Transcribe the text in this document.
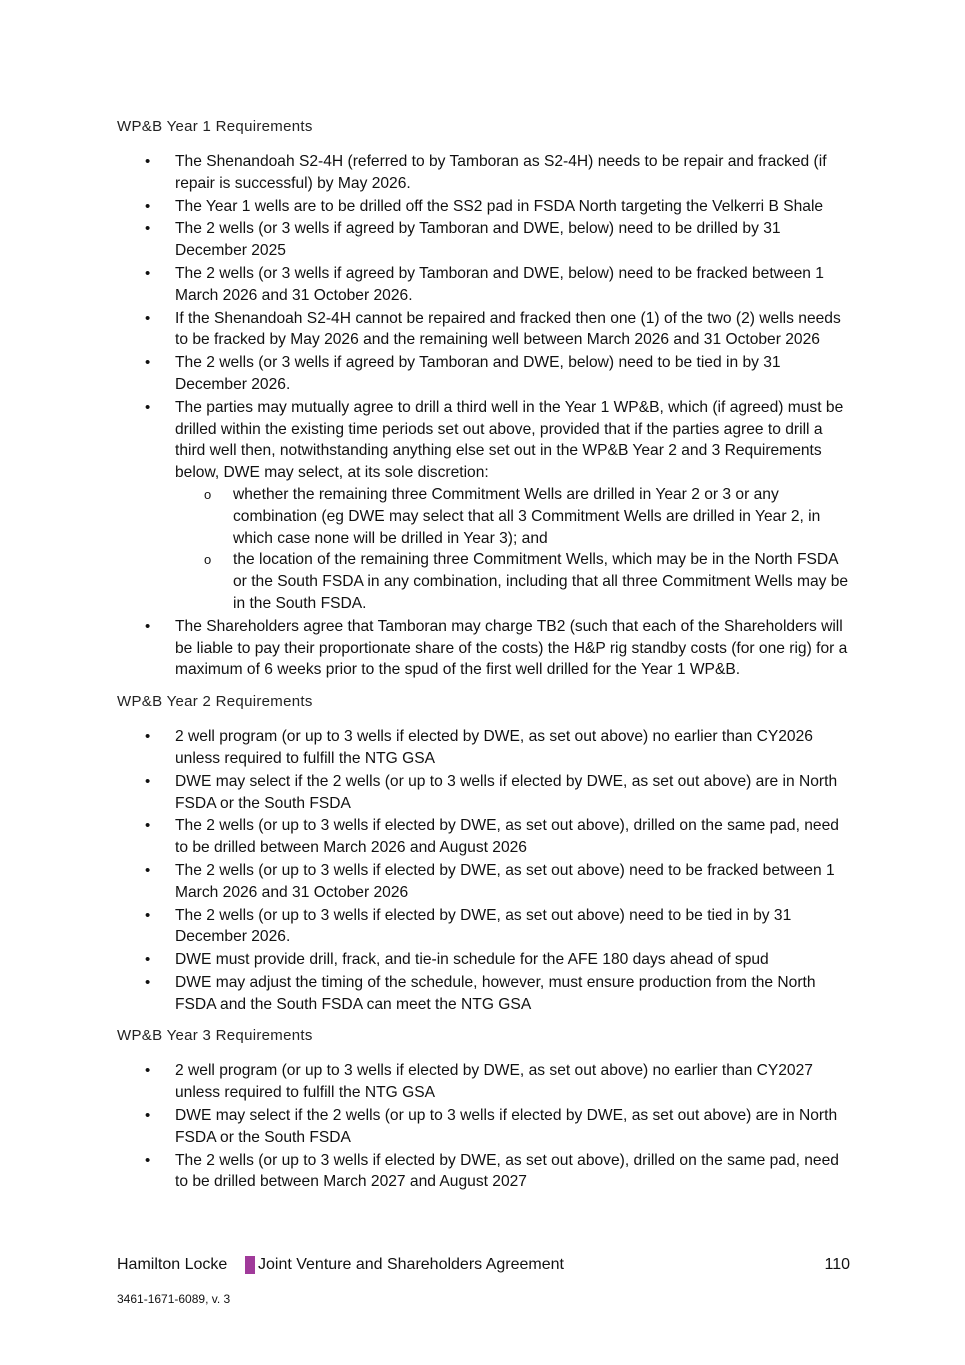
WP&B Year 1 Requirements
• The Shenandoah S2-4H (referred to by Tamboran as S2-4H) needs to be repair and fracked (if repair is successful) by May 2026.
• The Year 1 wells are to be drilled off the SS2 pad in FSDA North targeting the Velkerri B Shale
• The 2 wells (or 3 wells if agreed by Tamboran and DWE, below) need to be drilled by 31 December 2025
• The 2 wells (or 3 wells if agreed by Tamboran and DWE, below) need to be fracked between 1 March 2026 and 31 October 2026.
• If the Shenandoah S2-4H cannot be repaired and fracked then one (1) of the two (2) wells needs to be fracked by May 2026 and the remaining well between March 2026 and 31 October 2026
• The 2 wells (or 3 wells if agreed by Tamboran and DWE, below) need to be tied in by 31 December 2026.
• The parties may mutually agree to drill a third well in the Year 1 WP&B, which (if agreed) must be drilled within the existing time periods set out above, provided that if the parties agree to drill a third well then, notwithstanding anything else set out in the WP&B Year 2 and 3 Requirements below, DWE may select, at its sole discretion:
o whether the remaining three Commitment Wells are drilled in Year 2 or 3 or any combination (eg DWE may select that all 3 Commitment Wells are drilled in Year 2, in which case none will be drilled in Year 3); and
o the location of the remaining three Commitment Wells, which may be in the North FSDA or the South FSDA in any combination, including that all three Commitment Wells may be in the South FSDA.
• The Shareholders agree that Tamboran may charge TB2 (such that each of the Shareholders will be liable to pay their proportionate share of the costs) the H&P rig standby costs (for one rig) for a maximum of 6 weeks prior to the spud of the first well drilled for the Year 1 WP&B.
WP&B Year 2 Requirements
• 2 well program (or up to 3 wells if elected by DWE, as set out above) no earlier than CY2026 unless required to fulfill the NTG GSA
• DWE may select if the 2 wells (or up to 3 wells if elected by DWE, as set out above) are in North FSDA or the South FSDA
• The 2 wells (or up to 3 wells if elected by DWE, as set out above), drilled on the same pad, need to be drilled between March 2026 and August 2026
• The 2 wells (or up to 3 wells if elected by DWE, as set out above) need to be fracked between 1 March 2026 and 31 October 2026
• The 2 wells (or up to 3 wells if elected by DWE, as set out above) need to be tied in by 31 December 2026.
• DWE must provide drill, frack, and tie-in schedule for the AFE 180 days ahead of spud
• DWE may adjust the timing of the schedule, however, must ensure production from the North FSDA and the South FSDA can meet the NTG GSA
WP&B Year 3 Requirements
• 2 well program (or up to 3 wells if elected by DWE, as set out above) no earlier than CY2027 unless required to fulfill the NTG GSA
• DWE may select if the 2 wells (or up to 3 wells if elected by DWE, as set out above) are in North FSDA or the South FSDA
• The 2 wells (or up to 3 wells if elected by DWE, as set out above), drilled on the same pad, need to be drilled between March 2027 and August 2027
Hamilton Locke Joint Venture and Shareholders Agreement	110
3461-1671-6089, v. 3
